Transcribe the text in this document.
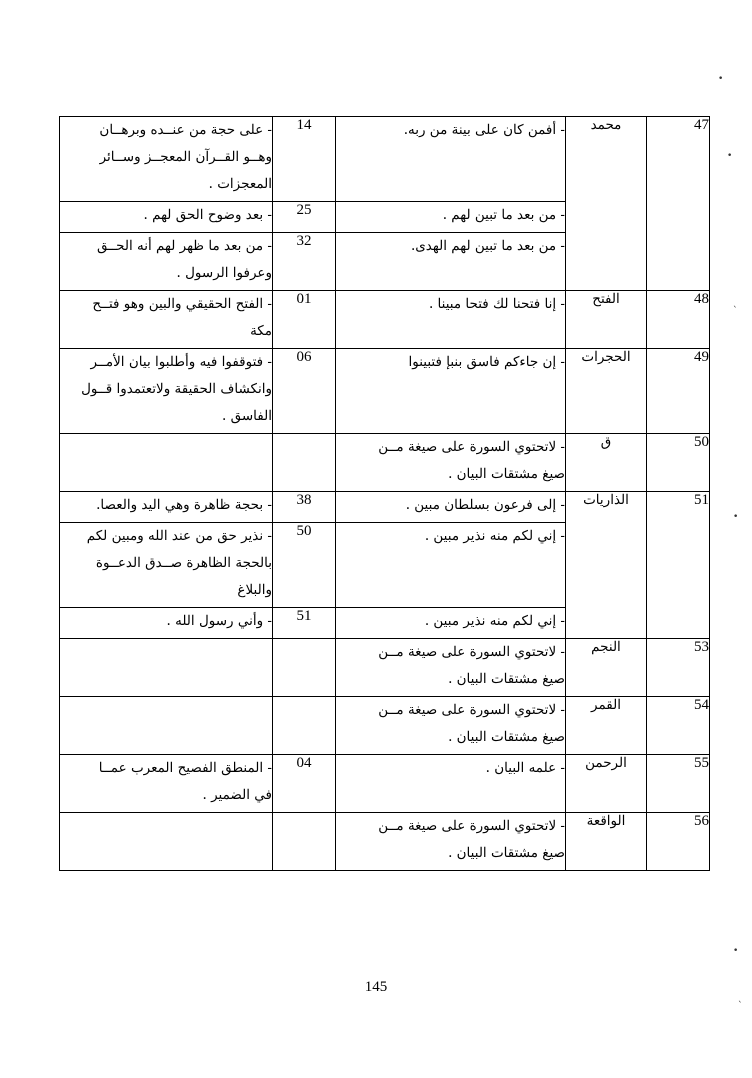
- على حجة من عنــده وبرهــان
وهــو القــرآن المعجــز وســائر
المعجزات .	14	- أفمن كان على بينة من ربه.	محمد	47

- بعد وضوح الحق لهم .	25	- من بعد ما تبين لهم .		

- من بعد ما ظهر لهم أنه الحــق
وعرفوا الرسول .	32	- من بعد ما تبين لهم الهدى.		

- الفتح الحقيقي والبين وهو فتــح
مكة	01	- إنا فتحنا لك فتحا مبينا .	الفتح	48

- فتوقفوا فيه وأطلبوا بيان الأمــر
وانكشاف الحقيقة ولاتعتمدوا قــول
الفاسق .	06	- إن جاءكم فاسق بنبإ فتبينوا	الحجرات	49

		- لاتحتوي السورة على صيغة مــن
صيغ مشتقات البيان .	ق	50

- بحجة ظاهرة وهي اليد والعصا.	38	- إلى فرعون بسلطان مبين .	الذاريات	51

- نذير حق من عند الله ومبين لكم
بالحجة الظاهرة صــدق الدعــوة
والبلاغ	50	- إني لكم منه نذير مبين .		

- وأني رسول الله .	51	- إني لكم منه نذير مبين .		

		- لاتحتوي السورة على صيغة مــن
صيغ مشتقات البيان .	النجم	53

		- لاتحتوي السورة على صيغة مــن
صيغ مشتقات البيان .	القمر	54

- المنطق الفصيح المعرب عمــا
في الضمير .	04	- علمه البيان .	الرحمن	55

		- لاتحتوي السورة على صيغة مــن
صيغ مشتقات البيان .	الواقعة	56
145
•
•
`
•
•
`
